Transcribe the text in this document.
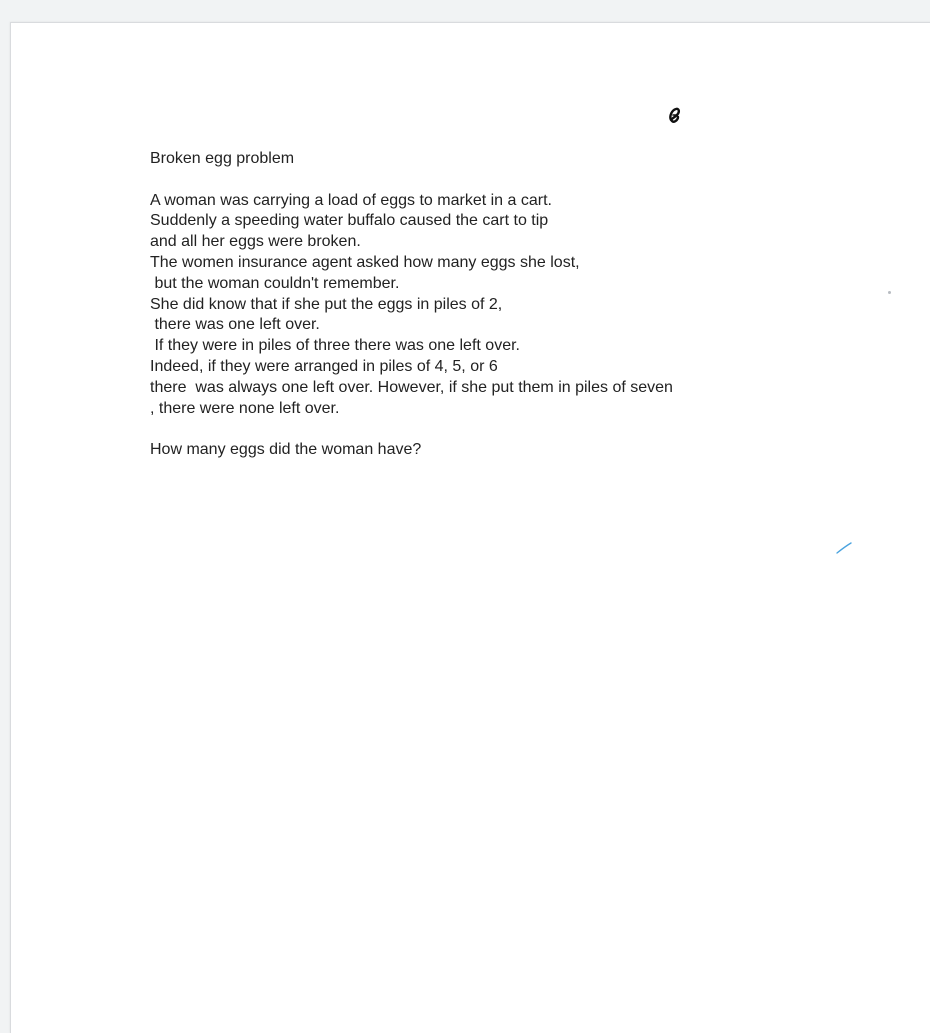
Broken egg problem
A woman was carrying a load of eggs to market in a cart.
Suddenly a speeding water buffalo caused the cart to tip
and all her eggs were broken.
The women insurance agent asked how many eggs she lost,
but the woman couldn't remember.
She did know that if she put the eggs in piles of 2,
there was one left over.
If they were in piles of three there was one left over.
Indeed, if they were arranged in piles of 4, 5, or 6
there  was always one left over. However, if she put them in piles of seven
, there were none left over.
How many eggs did the woman have?
